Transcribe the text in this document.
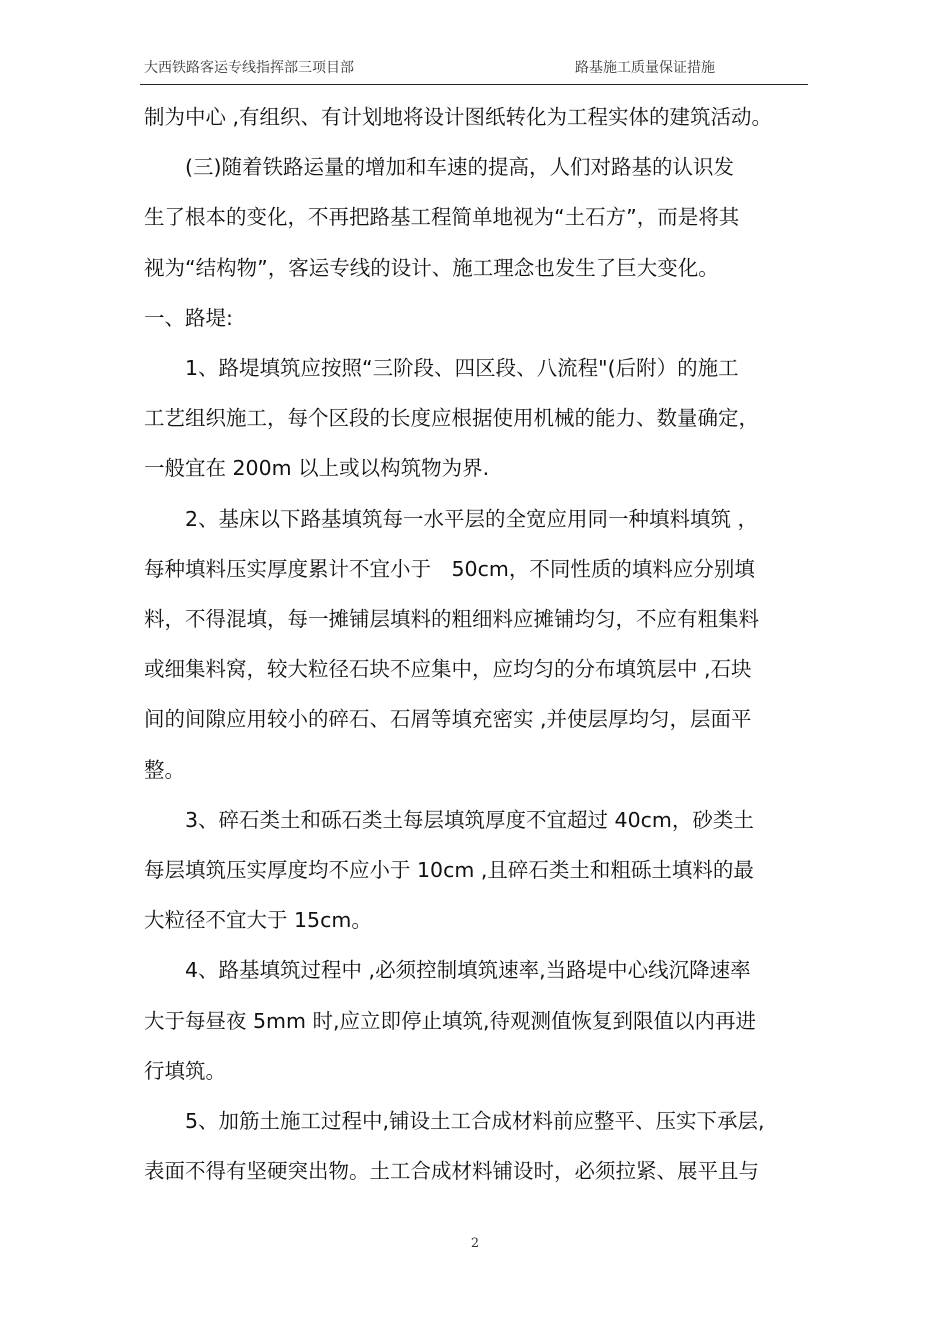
大西铁路客运专线指挥部三项目部	路基施工质量保证措施

制为中心 ,有组织、有计划地将设计图纸转化为工程实体的建筑活动。

　　(三)随着铁路运量的增加和车速的提高，人们对路基的认识发

生了根本的变化，不再把路基工程简单地视为“土石方”，而是将其

视为“结构物”，客运专线的设计、施工理念也发生了巨大变化。

一、路堤:

　　1、路堤填筑应按照“三阶段、四区段、八流程"(后附）的施工

工艺组织施工，每个区段的长度应根据使用机械的能力、数量确定，

一般宜在 200m 以上或以构筑物为界.

　　2、基床以下路基填筑每一水平层的全宽应用同一种填料填筑 ，

每种填料压实厚度累计不宜小于　50cm，不同性质的填料应分别填

料，不得混填，每一摊铺层填料的粗细料应摊铺均匀，不应有粗集料

或细集料窝，较大粒径石块不应集中，应均匀的分布填筑层中 ,石块

间的间隙应用较小的碎石、石屑等填充密实 ,并使层厚均匀，层面平

整。

　　3、碎石类土和砾石类土每层填筑厚度不宜超过 40cm，砂类土

每层填筑压实厚度均不应小于 10cm ,且碎石类土和粗砾土填料的最

大粒径不宜大于 15cm。

　　4、路基填筑过程中 ,必须控制填筑速率,当路堤中心线沉降速率

大于每昼夜 5mm 时,应立即停止填筑,待观测值恢复到限值以内再进

行填筑。

　　5、加筋土施工过程中,铺设土工合成材料前应整平、压实下承层,

表面不得有坚硬突出物。土工合成材料铺设时，必须拉紧、展平且与

2
